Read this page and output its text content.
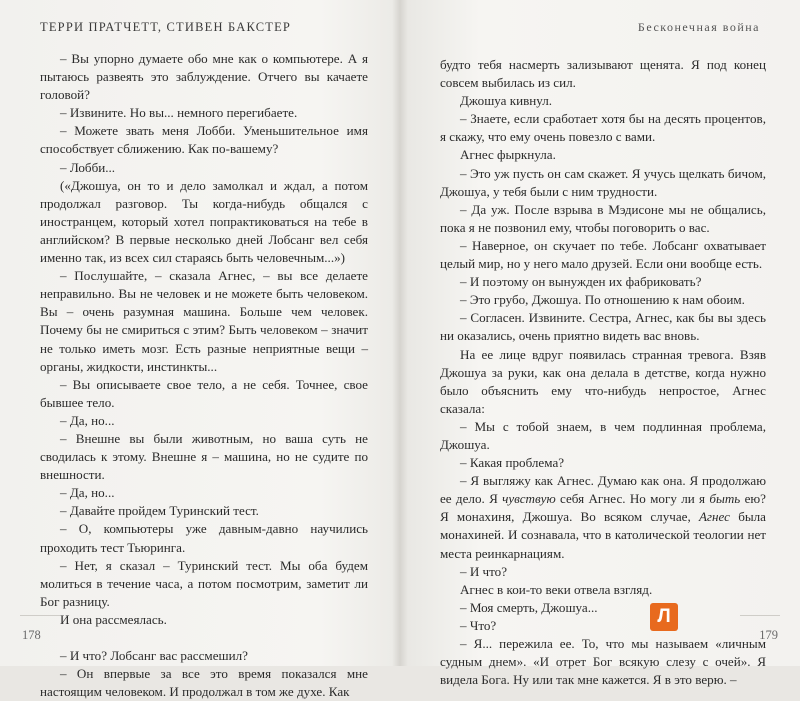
ТЕРРИ ПРАТЧЕТТ, СТИВЕН БАКСТЕР

– Вы упорно думаете обо мне как о компьютере. А я пытаюсь развеять это заблуждение. Отчего вы качаете головой?

– Извините. Но вы... немного перегибаете.

– Можете звать меня Лобби. Уменьшительное имя способствует сближению. Как по-вашему?

– Лобби...

(«Джошуа, он то и дело замолкал и ждал, а потом продолжал разговор. Ты когда-нибудь общался с иностранцем, который хотел попрактиковаться на тебе в английском? В первые несколько дней Лобсанг вел себя именно так, из всех сил стараясь быть человечным...»)

– Послушайте, – сказала Агнес, – вы все делаете неправильно. Вы не человек и не можете быть человеком. Вы – очень разумная машина. Больше чем человек. Почему бы не смириться с этим? Быть человеком – значит не только иметь мозг. Есть разные неприятные вещи – органы, жидкости, инстинкты...

– Вы описываете свое тело, а не себя. Точнее, свое бывшее тело.

– Да, но...

– Внешне вы были животным, но ваша суть не сводилась к этому. Внешне я – машина, но не судите по внешности.

– Да, но...

– Давайте пройдем Туринский тест.

– О, компьютеры уже давным-давно научились проходить тест Тьюринга.

– Нет, я сказал – Туринский тест. Мы оба будем молиться в течение часа, а потом посмотрим, заметит ли Бог разницу.

И она рассмеялась.

– И что? Лобсанг вас рассмешил?

– Он впервые за все это время показался мне настоящим человеком. И продолжал в том же духе. Как

178
Бесконечная война

будто тебя насмерть зализывают щенята. Я под конец совсем выбилась из сил.

Джошуа кивнул.

– Знаете, если сработает хотя бы на десять процентов, я скажу, что ему очень повезло с вами.

Агнес фыркнула.

– Это уж пусть он сам скажет. Я учусь щелкать бичом, Джошуа, у тебя были с ним трудности.

– Да уж. После взрыва в Мэдисоне мы не общались, пока я не позвонил ему, чтобы поговорить о вас.

– Наверное, он скучает по тебе. Лобсанг охватывает целый мир, но у него мало друзей. Если они вообще есть.

– И поэтому он вынужден их фабриковать?

– Это грубо, Джошуа. По отношению к нам обоим.

– Согласен. Извините. Сестра, Агнес, как бы вы здесь ни оказались, очень приятно видеть вас вновь.

На ее лице вдруг появилась странная тревога. Взяв Джошуа за руки, как она делала в детстве, когда нужно было объяснить ему что-нибудь непростое, Агнес сказала:

– Мы с тобой знаем, в чем подлинная проблема, Джошуа.

– Какая проблема?

– Я выгляжу как Агнес. Думаю как она. Я продолжаю ее дело. Я чувствую себя Агнес. Но могу ли я быть ею? Я монахиня, Джошуа. Во всяком случае, Агнес была монахиней. И сознавала, что в католической теологии нет места реинкарнациям.

– И что?

Агнес в кои-то веки отвела взгляд.

– Моя смерть, Джошуа...

– Что?

– Я... пережила ее. То, что мы называем «личным судным днем». «И отрет Бог всякую слезу с очей». Я видела Бога. Ну или так мне кажется. Я в это верю. –

179
Л
